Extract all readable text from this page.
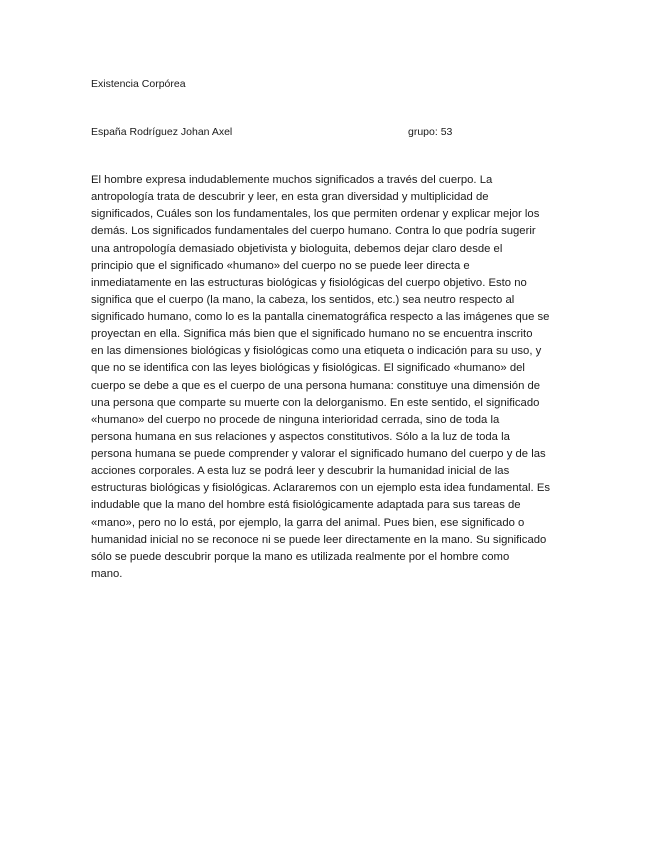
Existencia Corpórea
España Rodríguez Johan Axel	grupo: 53
El hombre expresa indudablemente muchos significados a través del cuerpo. La
antropología trata de descubrir y leer, en esta gran diversidad y multiplicidad de
significados, Cuáles son los fundamentales, los que permiten ordenar y explicar mejor los
demás. Los significados fundamentales del cuerpo humano. Contra lo que podría sugerir
una antropología demasiado objetivista y biologuita, debemos dejar claro desde el
principio que el significado «humano» del cuerpo no se puede leer directa e
inmediatamente en las estructuras biológicas y fisiológicas del cuerpo objetivo. Esto no
significa que el cuerpo (la mano, la cabeza, los sentidos, etc.) sea neutro respecto al
significado humano, como lo es la pantalla cinematográfica respecto a las imágenes que se
proyectan en ella. Significa más bien que el significado humano no se encuentra inscrito
en las dimensiones biológicas y fisiológicas como una etiqueta o indicación para su uso, y
que no se identifica con las leyes biológicas y fisiológicas. El significado «humano» del
cuerpo se debe a que es el cuerpo de una persona humana: constituye una dimensión de
una persona que comparte su muerte con la delorganismo. En este sentido, el significado
«humano» del cuerpo no procede de ninguna interioridad cerrada, sino de toda la
persona humana en sus relaciones y aspectos constitutivos. Sólo a la luz de toda la
persona humana se puede comprender y valorar el significado humano del cuerpo y de las
acciones corporales. A esta luz se podrá leer y descubrir la humanidad inicial de las
estructuras biológicas y fisiológicas. Aclararemos con un ejemplo esta idea fundamental. Es
indudable que la mano del hombre está fisiológicamente adaptada para sus tareas de
«mano», pero no lo está, por ejemplo, la garra del animal. Pues bien, ese significado o
humanidad inicial no se reconoce ni se puede leer directamente en la mano. Su significado
sólo se puede descubrir porque la mano es utilizada realmente por el hombre como
mano.
